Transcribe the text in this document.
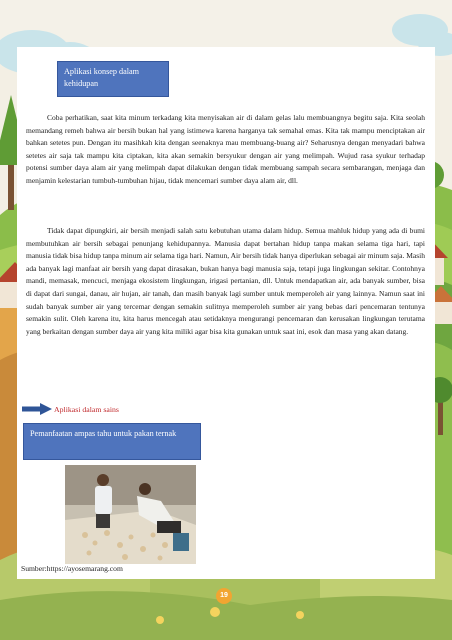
Aplikasi konsep dalam kehidupan

Coba perhatikan, saat kita minum terkadang kita menyisakan air di dalam gelas lalu membuangnya begitu saja. Kita seolah memandang remeh bahwa air bersih bukan hal yang istimewa karena harganya tak semahal emas. Kita tak mampu menciptakan air bahkan setetes pun. Dengan itu masihkah kita dengan seenaknya mau membuang-buang air? Seharusnya dengan menyadari bahwa setetes air saja tak mampu kita ciptakan, kita akan semakin bersyukur dengan air yang melimpah. Wujud rasa syukur terhadap potensi sumber daya alam air yang melimpah dapat dilakukan dengan tidak membuang sampah secara sembarangan, menjaga dan menjamin kelestarian tumbuh-tumbuhan hijau, tidak mencemari sumber daya alam air, dll.

Tidak dapat dipungkiri, air bersih menjadi salah satu kebutuhan utama dalam hidup. Semua mahluk hidup yang ada di bumi membutuhkan air bersih sebagai penunjang kehidupannya. Manusia dapat bertahan hidup tanpa makan selama tiga hari, tapi manusia tidak bisa hidup tanpa minum air selama tiga hari. Namun, Air bersih tidak hanya diperlukan sebagai air minum saja. Masih ada banyak lagi manfaat air bersih yang dapat dirasakan, bukan hanya bagi manusia saja, tetapi juga lingkungan sekitar. Contohnya mandi, memasak, mencuci, menjaga ekosistem lingkungan, irigasi pertanian, dll. Untuk mendapatkan air, ada banyak sumber, bisa di dapat dari sungai, danau, air hujan, air tanah, dan masih banyak lagi sumber untuk memperoleh air yang lainnya. Namun saat ini sudah banyak sumber air yang tercemar dengan semakin sulitnya memperoleh sumber air yang bebas dari pencemaran tentunya semakin sulit. Oleh karena itu, kita harus mencegah atau setidaknya mengurangi pencemaran dan kerusakan lingkungan terutama yang berkaitan dengan sumber daya air yang kita miliki agar bisa kita gunakan untuk saat ini, esok dan masa yang akan datang.

Aplikasi dalam sains
Pemanfaatan ampas tahu untuk pakan ternak
Sumber:https://ayosemarang.com
19
